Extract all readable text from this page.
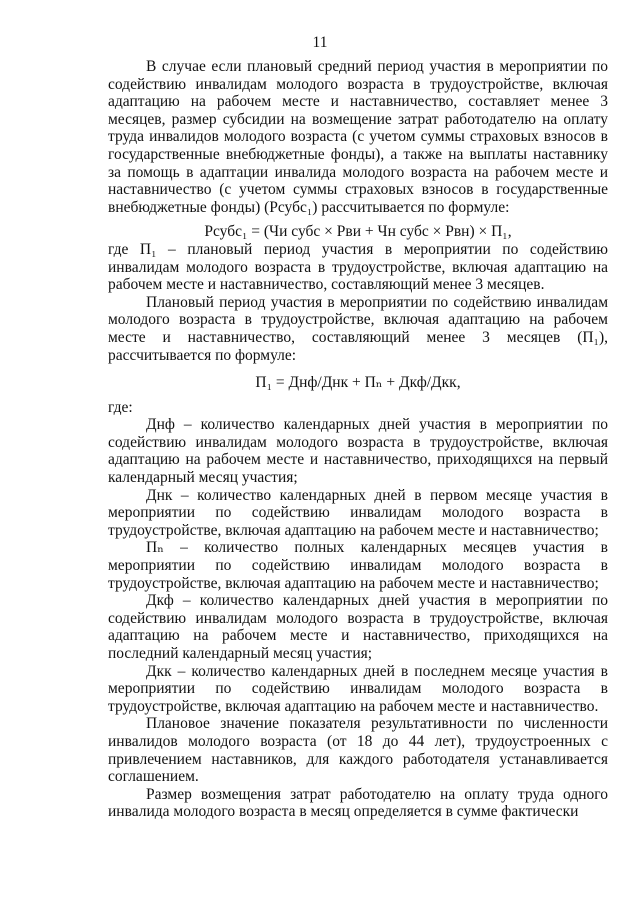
11

В случае если плановый средний период участия в мероприятии по содействию инвалидам молодого возраста в трудоустройстве, включая адаптацию на рабочем месте и наставничество, составляет менее 3 месяцев, размер субсидии на возмещение затрат работодателю на оплату труда инвалидов молодого возраста (с учетом суммы страховых взносов в государственные внебюджетные фонды), а также на выплаты наставнику за помощь в адаптации инвалида молодого возраста на рабочем месте и наставничество (с учетом суммы страховых взносов в государственные внебюджетные фонды) (Рсубс₁) рассчитывается по формуле:

Рсубс₁ = (Чи субс × Рви + Чн субс × Рвн) × П₁,

где П₁ – плановый период участия в мероприятии по содействию инвалидам молодого возраста в трудоустройстве, включая адаптацию на рабочем месте и наставничество, составляющий менее 3 месяцев.

Плановый период участия в мероприятии по содействию инвалидам молодого возраста в трудоустройстве, включая адаптацию на рабочем месте и наставничество, составляющий менее 3 месяцев (П₁), рассчитывается по формуле:

П₁ = Днф/Днк + Пₙ + Дкф/Дкк,

где:

Днф – количество календарных дней участия в мероприятии по содействию инвалидам молодого возраста в трудоустройстве, включая адаптацию на рабочем месте и наставничество, приходящихся на первый календарный месяц участия;

Днк – количество календарных дней в первом месяце участия в мероприятии по содействию инвалидам молодого возраста в трудоустройстве, включая адаптацию на рабочем месте и наставничество;

Пₙ – количество полных календарных месяцев участия в мероприятии по содействию инвалидам молодого возраста в трудоустройстве, включая адаптацию на рабочем месте и наставничество;

Дкф – количество календарных дней участия в мероприятии по содействию инвалидам молодого возраста в трудоустройстве, включая адаптацию на рабочем месте и наставничество, приходящихся на последний календарный месяц участия;

Дкк – количество календарных дней в последнем месяце участия в мероприятии по содействию инвалидам молодого возраста в трудоустройстве, включая адаптацию на рабочем месте и наставничество.

Плановое значение показателя результативности по численности инвалидов молодого возраста (от 18 до 44 лет), трудоустроенных с привлечением наставников, для каждого работодателя устанавливается соглашением.

Размер возмещения затрат работодателю на оплату труда одного инвалида молодого возраста в месяц определяется в сумме фактически
